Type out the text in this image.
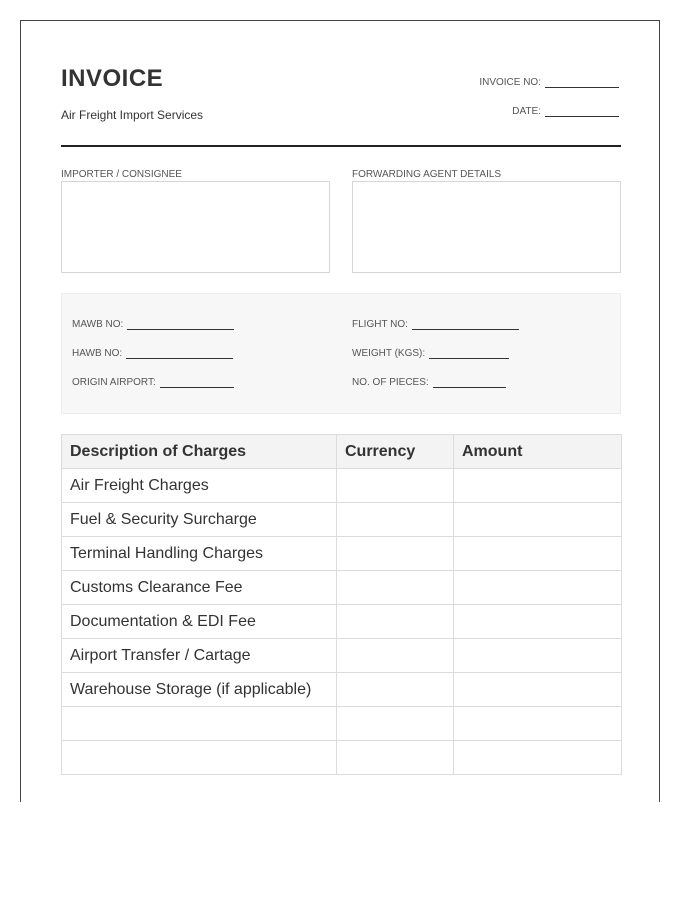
INVOICE
Air Freight Import Services
INVOICE NO:
DATE:
IMPORTER / CONSIGNEE	FORWARDING AGENT DETAILS
MAWB NO:
HAWB NO:
ORIGIN AIRPORT:
FLIGHT NO:
WEIGHT (KGS):
NO. OF PIECES:
Description of Charges	Currency	Amount
Air Freight Charges		
Fuel & Security Surcharge		
Terminal Handling Charges		
Customs Clearance Fee		
Documentation & EDI Fee		
Airport Transfer / Cartage		
Warehouse Storage (if applicable)		
